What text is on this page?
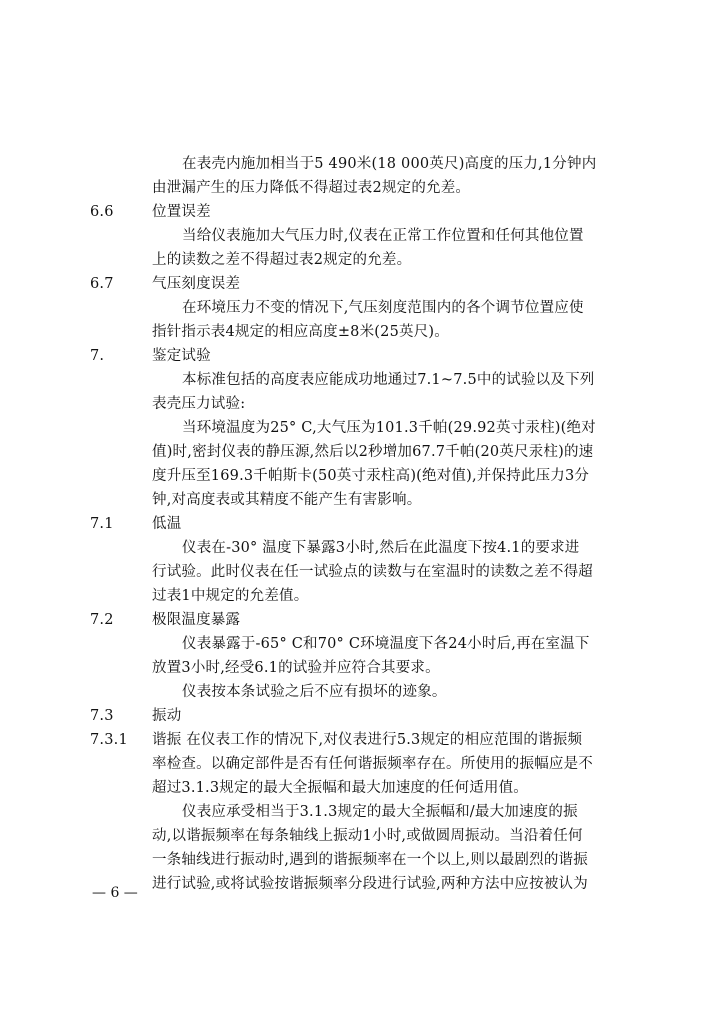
在表壳内施加相当于5 490米(18 000英尺)高度的压力,1分钟内
由泄漏产生的压力降低不得超过表2规定的允差。
6.6	位置误差
当给仪表施加大气压力时,仪表在正常工作位置和任何其他位置
上的读数之差不得超过表2规定的允差。
6.7	气压刻度误差
在环境压力不变的情况下,气压刻度范围内的各个调节位置应使
指针指示表4规定的相应高度±8米(25英尺)。
7.	鉴定试验
本标准包括的高度表应能成功地通过7.1~7.5中的试验以及下列
表壳压力试验:
当环境温度为25° C,大气压为101.3千帕(29.92英寸汞柱)(绝对
值)时,密封仪表的静压源,然后以2秒增加67.7千帕(20英尺汞柱)的速
度升压至169.3千帕斯卡(50英寸汞柱高)(绝对值),并保持此压力3分
钟,对高度表或其精度不能产生有害影响。
7.1	低温
仪表在-30° 温度下暴露3小时,然后在此温度下按4.1的要求进
行试验。此时仪表在任一试验点的读数与在室温时的读数之差不得超
过表1中规定的允差值。
7.2	极限温度暴露
仪表暴露于-65° C和70° C环境温度下各24小时后,再在室温下
放置3小时,经受6.1的试验并应符合其要求。
仪表按本条试验之后不应有损坏的迹象。
7.3	振动
7.3.1	谐振 在仪表工作的情况下,对仪表进行5.3规定的相应范围的谐振频
率检查。以确定部件是否有任何谐振频率存在。所使用的振幅应是不
超过3.1.3规定的最大全振幅和最大加速度的任何适用值。
仪表应承受相当于3.1.3规定的最大全振幅和/最大加速度的振
动,以谐振频率在每条轴线上振动1小时,或做圆周振动。当沿着任何
一条轴线进行振动时,遇到的谐振频率在一个以上,则以最剧烈的谐振
进行试验,或将试验按谐振频率分段进行试验,两种方法中应按被认为
— 6 —
